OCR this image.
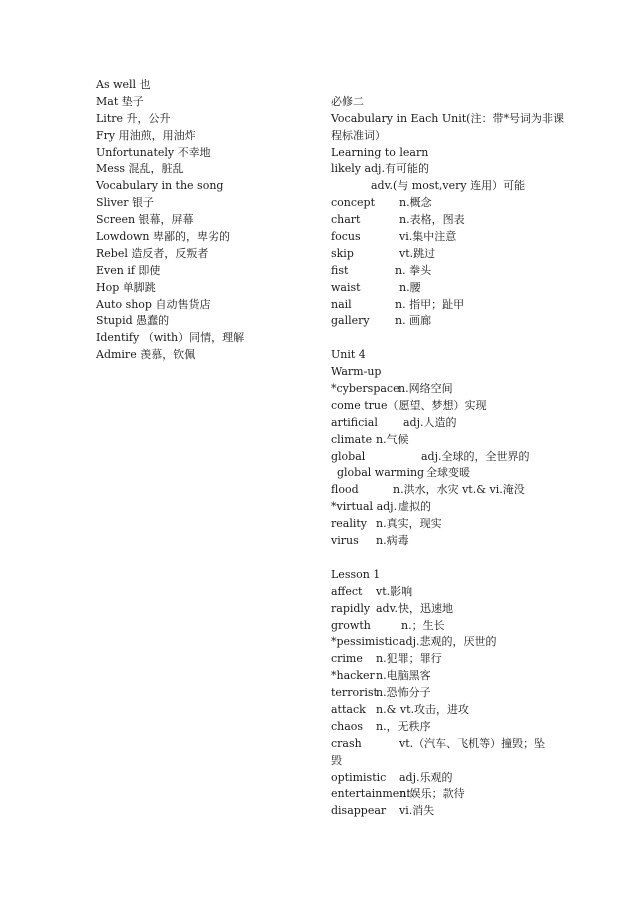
As well 也
Mat 垫子
Litre 升，公升
Fry 用油煎，用油炸
Unfortunately 不幸地
Mess 混乱，脏乱
Vocabulary in the song
Sliver 银子
Screen 银幕，屏幕
Lowdown 卑鄙的，卑劣的
Rebel 造反者，反叛者
Even if 即使
Hop 单脚跳
Auto shop 自动售货店
Stupid 愚蠢的
Identify （with）同情，理解
Admire 羡慕，钦佩
必修二
Vocabulary in Each Unit(注：带*号词为非课
程标准词）
Learning to learn
likely adj.有可能的
adv.(与 most,very 连用）可能
concept n.概念
chart	n.表格，图表
focus	vi.集中注意
skip	vt.跳过
fist	n. 拳头
waist	n.腰
nail	n. 指甲；趾甲
gallery n. 画廊
Unit 4
Warm-up
*cyberspace
n.网络空间
come true（愿望、梦想）实现
artificial adj.人造的
climate n.气候
global	adj.全球的，全世界的
global warming 全球变暖
flood	n.洪水，水灾 vt.& vi.淹没
*virtual adj. 虚拟的
reality n.真实，现实
virus n.病毒
Lesson 1
affect vt.影响
rapidly adv.快，迅速地
growth	n.；生长
*pessimistic adj.悲观的，厌世的
crime n.犯罪；罪行
*hacker n.电脑黑客
terrorist
n.恐怖分子
attack n.& vt.攻击，进攻
chaos n.，无秩序
crash	vt.（汽车、飞机等）撞毁；坠
毁
optimistic adj.乐观的
entertainment
n.娱乐；款待
disappear vi.消失
